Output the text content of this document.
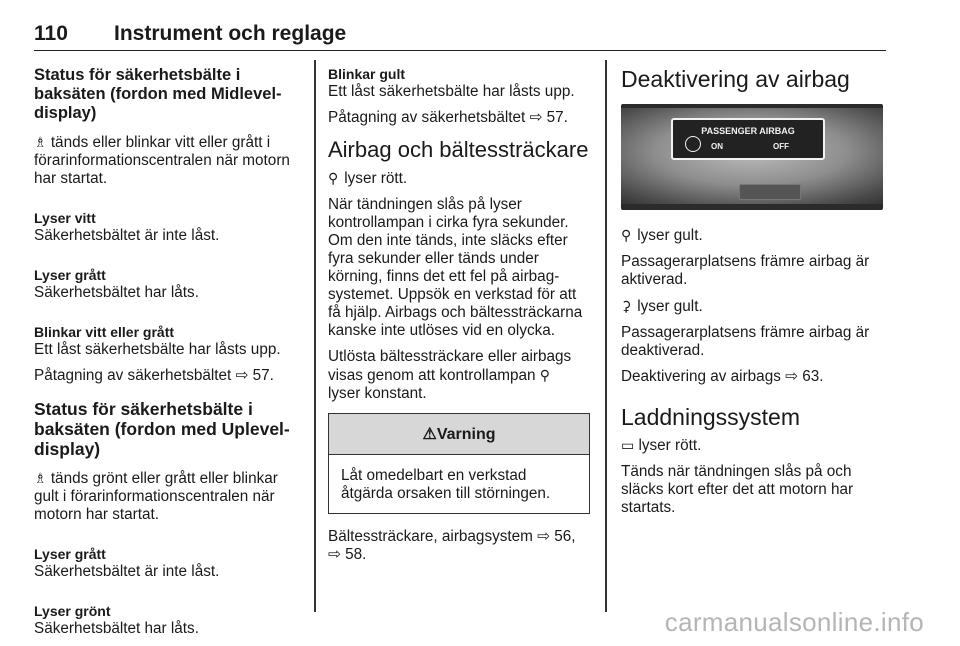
110 Instrument och reglage
Status för säkerhetsbälte i baksäten (fordon med Midlevel-display)

♗ tänds eller blinkar vitt eller grått i förarinformationscentralen när motorn har startat.

Lyser vitt

Säkerhetsbältet är inte låst.

Lyser grått

Säkerhetsbältet har låts.

Blinkar vitt eller grått

Ett låst säkerhetsbälte har låsts upp.

Påtagning av säkerhetsbältet ⇨ 57.

Status för säkerhetsbälte i baksäten (fordon med Uplevel-display)

♗ tänds grönt eller grått eller blinkar gult i förarinformationscentralen när motorn har startat.

Lyser grått

Säkerhetsbältet är inte låst.

Lyser grönt

Säkerhetsbältet har låts.

Blinkar gult

Ett låst säkerhetsbälte har låsts upp.

Påtagning av säkerhetsbältet ⇨ 57.

Airbag och bältessträckare

⚲ lyser rött.

När tändningen slås på lyser kontrollampan i cirka fyra sekunder. Om den inte tänds, inte släcks efter fyra sekunder eller tänds under körning, finns det ett fel på airbag-systemet. Uppsök en verkstad för att få hjälp. Airbags och bältessträckarna kanske inte utlöses vid en olycka.

Utlösta bältessträckare eller airbags visas genom att kontrollampan ⚲
lyser konstant.

⚠Varning
Låt omedelbart en verkstad åtgärda orsaken till störningen.

Bältessträckare, airbagsystem ⇨ 56,
⇨ 58.

Deaktivering av airbag
PASSENGER AIRBAG
ON	OFF

⚲ lyser gult.

Passagerarplatsens främre airbag är aktiverad.

⚳ lyser gult.

Passagerarplatsens främre airbag är deaktiverad.

Deaktivering av airbags ⇨ 63.

Laddningssystem

▭ lyser rött.

Tänds när tändningen slås på och släcks kort efter det att motorn har startats.

carmanualsonline.info
